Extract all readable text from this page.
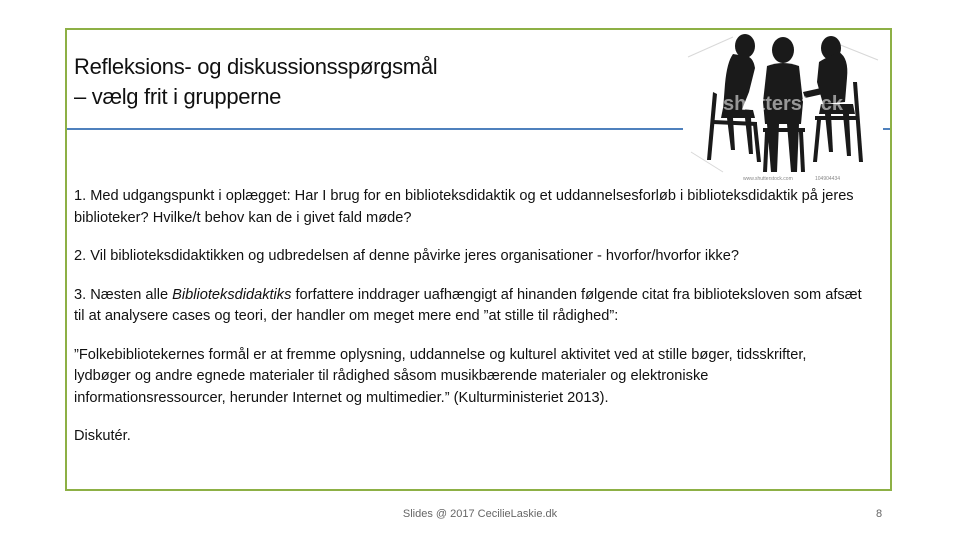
Refleksions- og diskussionsspørgsmål
– vælg frit i grupperne	shutterstock
www.shutterstock.com	104904434

1. Med udgangspunkt i oplægget: Har I brug for en biblioteksdidaktik og et uddannelsesforløb i biblioteksdidaktik på jeres biblioteker? Hvilke/t behov kan de i givet fald møde?

2. Vil biblioteksdidaktikken og udbredelsen af denne påvirke jeres organisationer - hvorfor/hvorfor ikke?

3. Næsten alle Biblioteksdidaktiks forfattere inddrager uafhængigt af hinanden følgende citat fra biblioteksloven som afsæt til at analysere cases og teori, der handler om meget mere end ”at stille til rådighed”:

”Folkebibliotekernes formål er at fremme oplysning, uddannelse og kulturel aktivitet ved at stille bøger, tidsskrifter, lydbøger og andre egnede materialer til rådighed såsom musikbærende materialer og elektroniske informationsressourcer, herunder Internet og multimedier.” (Kulturministeriet 2013).

Diskutér.

Slides @ 2017 CecilieLaskie.dk	8
